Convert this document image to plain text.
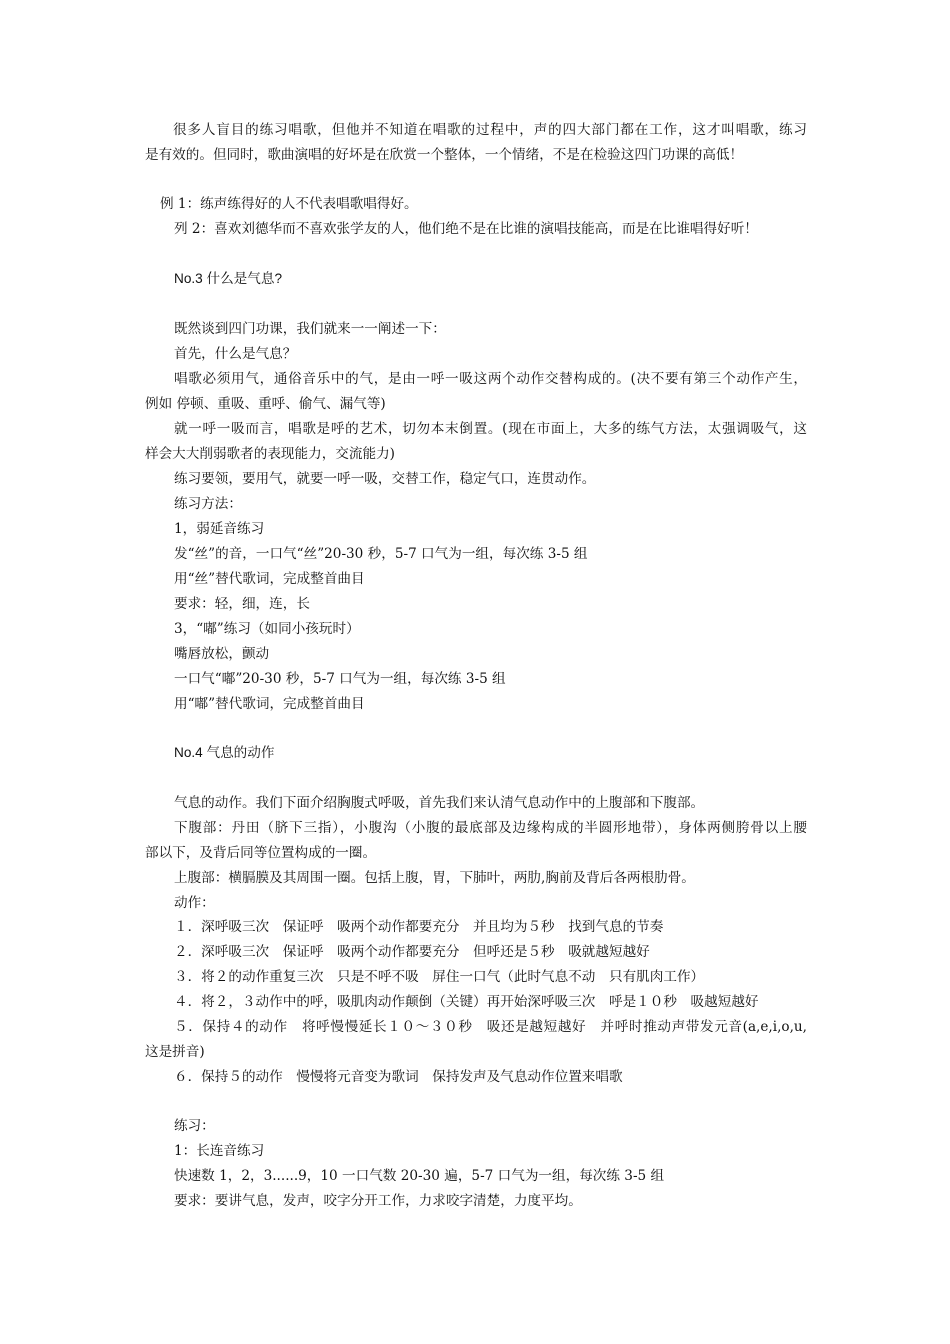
很多人盲目的练习唱歌，但他并不知道在唱歌的过程中，声的四大部门都在工作，这才叫唱歌，练习
是有效的。但同时，歌曲演唱的好坏是在欣赏一个整体，一个情绪，不是在检验这四门功课的高低！
例 1：练声练得好的人不代表唱歌唱得好。
列 2：喜欢刘德华而不喜欢张学友的人，他们绝不是在比谁的演唱技能高，而是在比谁唱得好听！
No.3 什么是气息?
既然谈到四门功课，我们就来一一阐述一下：
首先，什么是气息？
唱歌必须用气，通俗音乐中的气，是由一呼一吸这两个动作交替构成的。(决不要有第三个动作产生，
例如 停顿、重吸、重呼、偷气、漏气等)
就一呼一吸而言，唱歌是呼的艺术，切勿本末倒置。(现在市面上，大多的练气方法，太强调吸气，这
样会大大削弱歌者的表现能力，交流能力)
练习要领，要用气，就要一呼一吸，交替工作，稳定气口，连贯动作。
练习方法：
1，弱延音练习
发“丝”的音，一口气“丝”20-30 秒，5-7 口气为一组，每次练 3-5 组
用“丝”替代歌词，完成整首曲目
要求：轻，细，连，长
3，“嘟”练习（如同小孩玩时）
嘴唇放松，颤动
一口气“嘟”20-30 秒，5-7 口气为一组，每次练 3-5 组
用“嘟”替代歌词，完成整首曲目
No.4 气息的动作
气息的动作。我们下面介绍胸腹式呼吸，首先我们来认清气息动作中的上腹部和下腹部。
下腹部：丹田（脐下三指），小腹沟（小腹的最底部及边缘构成的半圆形地带），身体两侧胯骨以上腰
部以下，及背后同等位置构成的一圈。
上腹部：横膈膜及其周围一圈。包括上腹，胃，下肺叶，两肋,胸前及背后各两根肋骨。
动作：
１．深呼吸三次　保证呼　吸两个动作都要充分　并且均为５秒　找到气息的节奏
２．深呼吸三次　保证呼　吸两个动作都要充分　但呼还是５秒　吸就越短越好
３．将２的动作重复三次　只是不呼不吸　屏住一口气（此时气息不动　只有肌肉工作）
４．将２，３动作中的呼，吸肌肉动作颠倒（关键）再开始深呼吸三次　呼是１０秒　吸越短越好
５．保持４的动作　将呼慢慢延长１０～３０秒　吸还是越短越好　并呼时推动声带发元音(a,e,i,o,u,
这是拼音)
６．保持５的动作　慢慢将元音变为歌词　保持发声及气息动作位置来唱歌
练习：
1：长连音练习
快速数 1，2，3......9，10 一口气数 20-30 遍，5-7 口气为一组，每次练 3-5 组
要求：要讲气息，发声，咬字分开工作，力求咬字清楚，力度平均。
